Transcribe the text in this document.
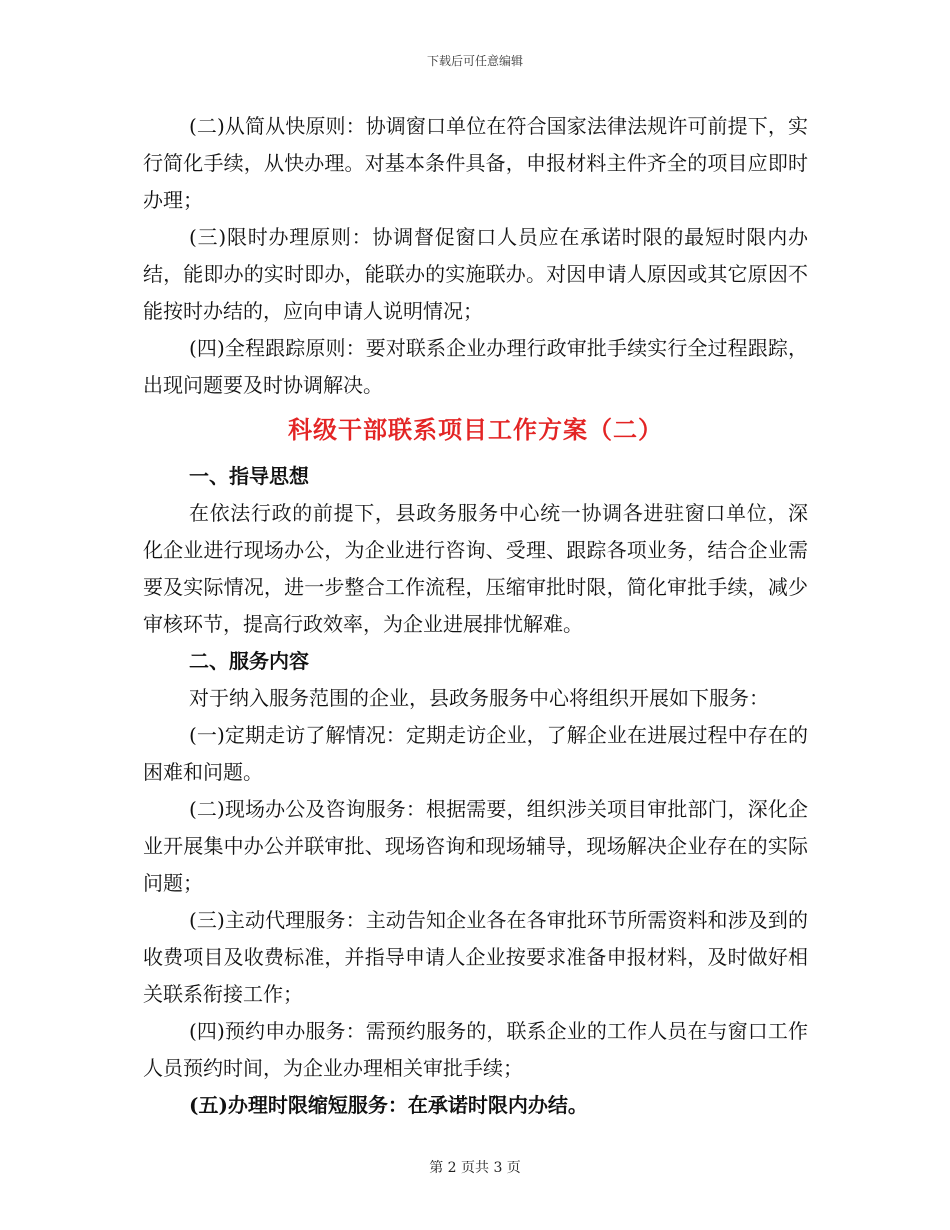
下载后可任意编辑

(二)从简从快原则：协调窗口单位在符合国家法律法规许可前提下，实行简化手续，从快办理。对基本条件具备，申报材料主件齐全的项目应即时办理；

(三)限时办理原则：协调督促窗口人员应在承诺时限的最短时限内办结，能即办的实时即办，能联办的实施联办。对因申请人原因或其它原因不能按时办结的，应向申请人说明情况；

(四)全程跟踪原则：要对联系企业办理行政审批手续实行全过程跟踪，出现问题要及时协调解决。

科级干部联系项目工作方案（二）

一、指导思想

在依法行政的前提下，县政务服务中心统一协调各进驻窗口单位，深化企业进行现场办公，为企业进行咨询、受理、跟踪各项业务，结合企业需要及实际情况，进一步整合工作流程，压缩审批时限，简化审批手续，减少审核环节，提高行政效率，为企业进展排忧解难。

二、服务内容

对于纳入服务范围的企业，县政务服务中心将组织开展如下服务：

(一)定期走访了解情况：定期走访企业，了解企业在进展过程中存在的困难和问题。

(二)现场办公及咨询服务：根据需要，组织涉关项目审批部门，深化企业开展集中办公并联审批、现场咨询和现场辅导，现场解决企业存在的实际问题；

(三)主动代理服务：主动告知企业各在各审批环节所需资料和涉及到的收费项目及收费标准，并指导申请人企业按要求准备申报材料，及时做好相关联系衔接工作；

(四)预约申办服务：需预约服务的，联系企业的工作人员在与窗口工作人员预约时间，为企业办理相关审批手续；

(五)办理时限缩短服务：在承诺时限内办结。

第 2 页共 3 页
